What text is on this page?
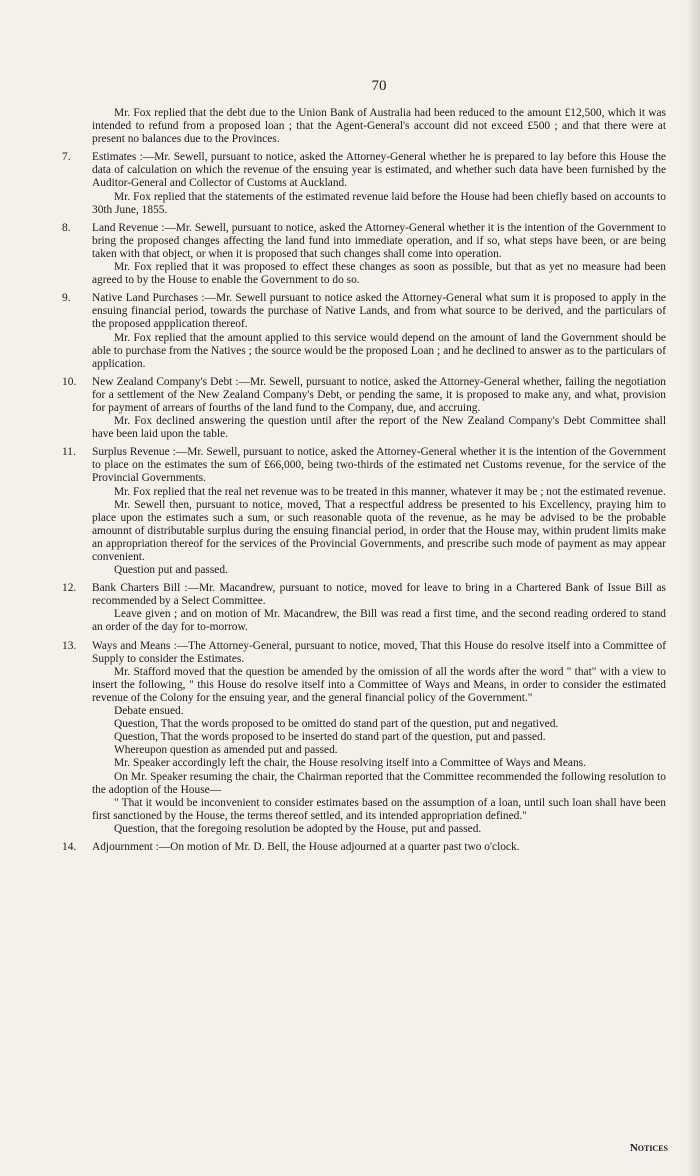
70

Mr. Fox replied that the debt due to the Union Bank of Australia had been reduced to the amount £12,500, which it was intended to refund from a proposed loan ; that the Agent-General's account did not exceed £500 ; and that there were at present no balances due to the Provinces.

7. Estimates :—Mr. Sewell, pursuant to notice, asked the Attorney-General whether he is prepared to lay before this House the data of calculation on which the revenue of the ensuing year is estimated, and whether such data have been furnished by the Auditor-General and Collector of Customs at Auckland.

Mr. Fox replied that the statements of the estimated revenue laid before the House had been chiefly based on accounts to 30th June, 1855.

8. Land Revenue :—Mr. Sewell, pursuant to notice, asked the Attorney-General whether it is the intention of the Government to bring the proposed changes affecting the land fund into immediate operation, and if so, what steps have been, or are being taken with that object, or when it is proposed that such changes shall come into operation.

Mr. Fox replied that it was proposed to effect these changes as soon as possible, but that as yet no measure had been agreed to by the House to enable the Government to do so.

9. Native Land Purchases :—Mr. Sewell pursuant to notice asked the Attorney-General what sum it is proposed to apply in the ensuing financial period, towards the purchase of Native Lands, and from what source to be derived, and the particulars of the proposed appplication thereof.

Mr. Fox replied that the amount applied to this service would depend on the amount of land the Government should be able to purchase from the Natives ; the source would be the proposed Loan ; and he declined to answer as to the particulars of application.

10. New Zealand Company's Debt :—Mr. Sewell, pursuant to notice, asked the Attorney-General whether, failing the negotiation for a settlement of the New Zealand Company's Debt, or pending the same, it is proposed to make any, and what, provision for payment of arrears of fourths of the land fund to the Company, due, and accruing.

Mr. Fox declined answering the question until after the report of the New Zealand Company's Debt Committee shall have been laid upon the table.

11. Surplus Revenue :—Mr. Sewell, pursuant to notice, asked the Attorney-General whether it is the intention of the Government to place on the estimates the sum of £66,000, being two-thirds of the estimated net Customs revenue, for the service of the Provincial Governments.

Mr. Fox replied that the real net revenue was to be treated in this manner, whatever it may be ; not the estimated revenue.

Mr. Sewell then, pursuant to notice, moved, That a respectful address be presented to his Excellency, praying him to place upon the estimates such a sum, or such reasonable quota of the revenue, as he may be advised to be the probable amounnt of distributable surplus during the ensuing financial period, in order that the House may, within prudent limits make an appropriation thereof for the services of the Provincial Governments, and prescribe such mode of payment as may appear convenient.

Question put and passed.

12. Bank Charters Bill :—Mr. Macandrew, pursuant to notice, moved for leave to bring in a Chartered Bank of Issue Bill as recommended by a Select Committee.

Leave given ; and on motion of Mr. Macandrew, the Bill was read a first time, and the second reading ordered to stand an order of the day for to-morrow.

13. Ways and Means :—The Attorney-General, pursuant to notice, moved, That this House do resolve itself into a Committee of Supply to consider the Estimates.

Mr. Stafford moved that the question be amended by the omission of all the words after the word " that" with a view to insert the following, " this House do resolve itself into a Committee of Ways and Means, in order to consider the estimated revenue of the Colony for the ensuing year, and the general financial policy of the Government."

Debate ensued.

Question, That the words proposed to be omitted do stand part of the question, put and negatived.

Question, That the words proposed to be inserted do stand part of the question, put and passed.

Whereupon question as amended put and passed.

Mr. Speaker accordingly left the chair, the House resolving itself into a Committee of Ways and Means.

On Mr. Speaker resuming the chair, the Chairman reported that the Committee recommended the following resolution to the adoption of the House—

" That it would be inconvenient to consider estimates based on the assumption of a loan, until such loan shall have been first sanctioned by the House, the terms thereof settled, and its intended appropriation defined."

Question, that the foregoing resolution be adopted by the House, put and passed.

14. Adjournment :—On motion of Mr. D. Bell, the House adjourned at a quarter past two o'clock.

Notices
